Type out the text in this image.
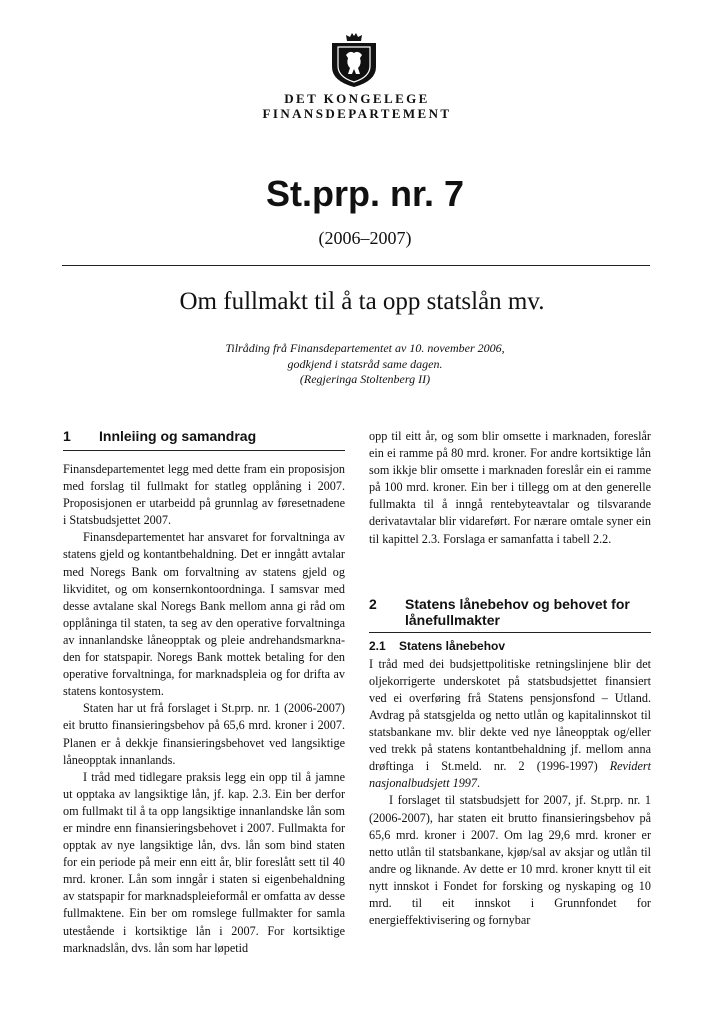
DET KONGELEGE
FINANSDEPARTEMENT
St.prp. nr. 7
(2006–2007)
Om fullmakt til å ta opp statslån mv.
Tilråding frå Finansdepartementet av 10. november 2006,
godkjend i statsråd same dagen.
(Regjeringa Stoltenberg II)
1	Innleiing og samandrag

Finansdepartementet legg med dette fram ein proposisjon med forslag til fullmakt for statleg opplåning i 2007. Proposisjonen er utarbeidd på grunnlag av føresetnadene i Statsbudsjettet 2007.

Finansdepartementet har ansvaret for forvaltninga av statens gjeld og kontantbehaldning. Det er inngått avtalar med Noregs Bank om forvaltning av statens gjeld og likviditet, og om konsernkontoordninga. I samsvar med desse avtalane skal Noregs Bank mellom anna gi råd om opplåninga til staten, ta seg av den operative forvaltninga av innanlandske låneopptak og pleie andrehandsmarknaden for statspapir. Noregs Bank mottek betaling for den operative forvaltninga, for marknadspleia og for drifta av statens kontosystem.

Staten har ut frå forslaget i St.prp. nr. 1 (2006-2007) eit brutto finansieringsbehov på 65,6 mrd. kroner i 2007. Planen er å dekkje finansieringsbehovet ved langsiktige låneopptak innanlands.

I tråd med tidlegare praksis legg ein opp til å jamne ut opptaka av langsiktige lån, jf. kap. 2.3. Ein ber derfor om fullmakt til å ta opp langsiktige innanlandske lån som er mindre enn finansieringsbehovet i 2007. Fullmakta for opptak av nye langsiktige lån, dvs. lån som bind staten for ein periode på meir enn eitt år, blir foreslått sett til 40 mrd. kroner. Lån som inngår i staten si eigenbehaldning av statspapir for marknadspleieformål er omfatta av desse fullmaktene. Ein ber om romslege fullmakter for samla utestående i kortsiktige lån i 2007. For kortsiktige marknadslån, dvs. lån som har løpetid

opp til eitt år, og som blir omsette i marknaden, foreslår ein ei ramme på 80 mrd. kroner. For andre kortsiktige lån som ikkje blir omsette i marknaden foreslår ein ei ramme på 100 mrd. kroner. Ein ber i tillegg om at den generelle fullmakta til å inngå rentebyteavtalar og tilsvarande derivatavtalar blir vidareført. For nærare omtale syner ein til kapittel 2.3. Forslaga er samanfatta i tabell 2.2.

2	Statens lånebehov og behovet for
lånefullmakter
2.1	Statens lånebehov

I tråd med dei budsjettpolitiske retningslinjene blir det oljekorrigerte underskotet på statsbudsjettet finansiert ved ei overføring frå Statens pensjonsfond – Utland. Avdrag på statsgjelda og netto utlån og kapitalinnskot til statsbankane mv. blir dekte ved nye låneopptak og/eller ved trekk på statens kontantbehaldning jf. mellom anna drøftinga i St.meld. nr. 2 (1996-1997) Revidert nasjonalbudsjett 1997.

I forslaget til statsbudsjett for 2007, jf. St.prp. nr. 1 (2006-2007), har staten eit brutto finansieringsbehov på 65,6 mrd. kroner i 2007. Om lag 29,6 mrd. kroner er netto utlån til statsbankane, kjøp/sal av aksjar og utlån til andre og liknande. Av dette er 10 mrd. kroner knytt til eit nytt innskot i Fondet for forsking og nyskaping og 10 mrd. til eit innskot i Grunnfondet for energieffektivisering og fornybar
